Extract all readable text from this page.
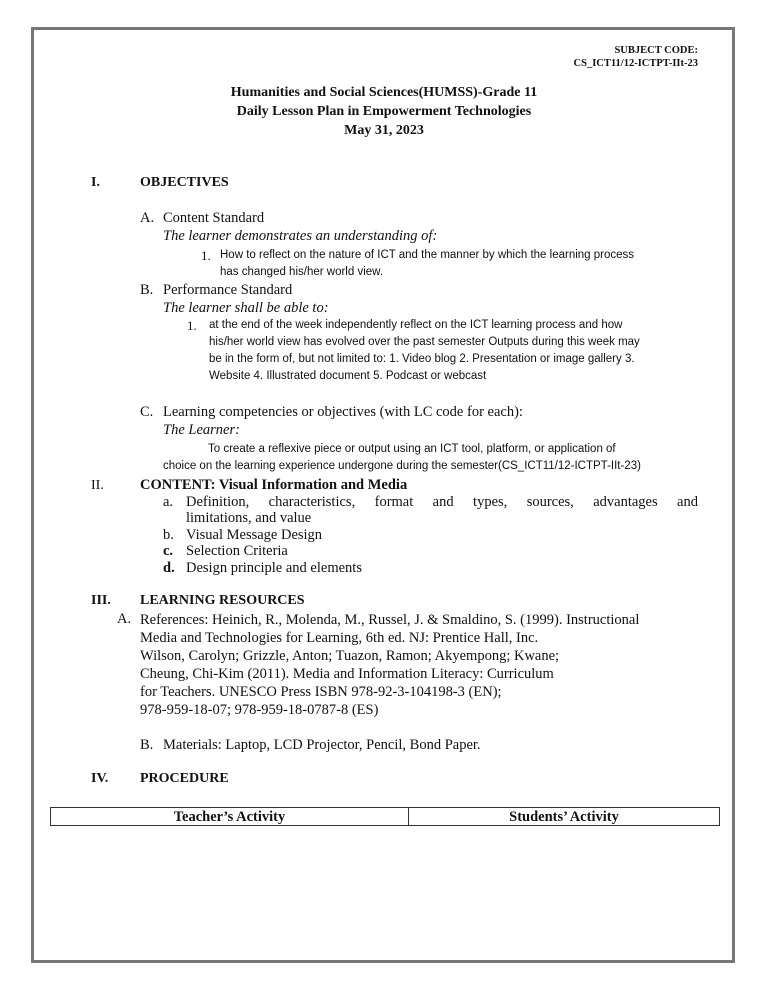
SUBJECT CODE:
CS_ICT11/12-ICTPT-IIt-23
Humanities and Social Sciences(HUMSS)-Grade 11
Daily Lesson Plan in Empowerment Technologies
May 31, 2023
I.	OBJECTIVES
A. Content Standard
The learner demonstrates an understanding of:
1. How to reflect on the nature of ICT and the manner by which the learning process
has changed his/her world view.
B. Performance Standard
The learner shall be able to:
1. at the end of the week independently reflect on the ICT learning process and how
his/her world view has evolved over the past semester Outputs during this week may
be in the form of, but not limited to: 1. Video blog 2. Presentation or image gallery 3.
Website 4. Illustrated document 5. Podcast or webcast
C. Learning competencies or objectives (with LC code for each):
The Learner:
To create a reflexive piece or output using an ICT tool, platform, or application of
choice on the learning experience undergone during the semester(CS_ICT11/12-ICTPT-IIt-23)
II. CONTENT: Visual Information and Media
a. Definition, characteristics, format and types, sources, advantages and
limitations, and value
b. Visual Message Design
c. Selection Criteria
d. Design principle and elements
III. LEARNING RESOURCES
A. References: Heinich, R., Molenda, M., Russel, J. & Smaldino, S. (1999). Instructional
Media and Technologies for Learning, 6th ed. NJ: Prentice Hall, Inc.
Wilson, Carolyn; Grizzle, Anton; Tuazon, Ramon; Akyempong; Kwane;
Cheung, Chi-Kim (2011). Media and Information Literacy: Curriculum
for Teachers. UNESCO Press ISBN 978-92-3-104198-3 (EN);
978-959-18-07; 978-959-18-0787-8 (ES)
B. Materials: Laptop, LCD Projector, Pencil, Bond Paper.
IV. PROCEDURE
Teacher’s Activity	Students’ Activity
